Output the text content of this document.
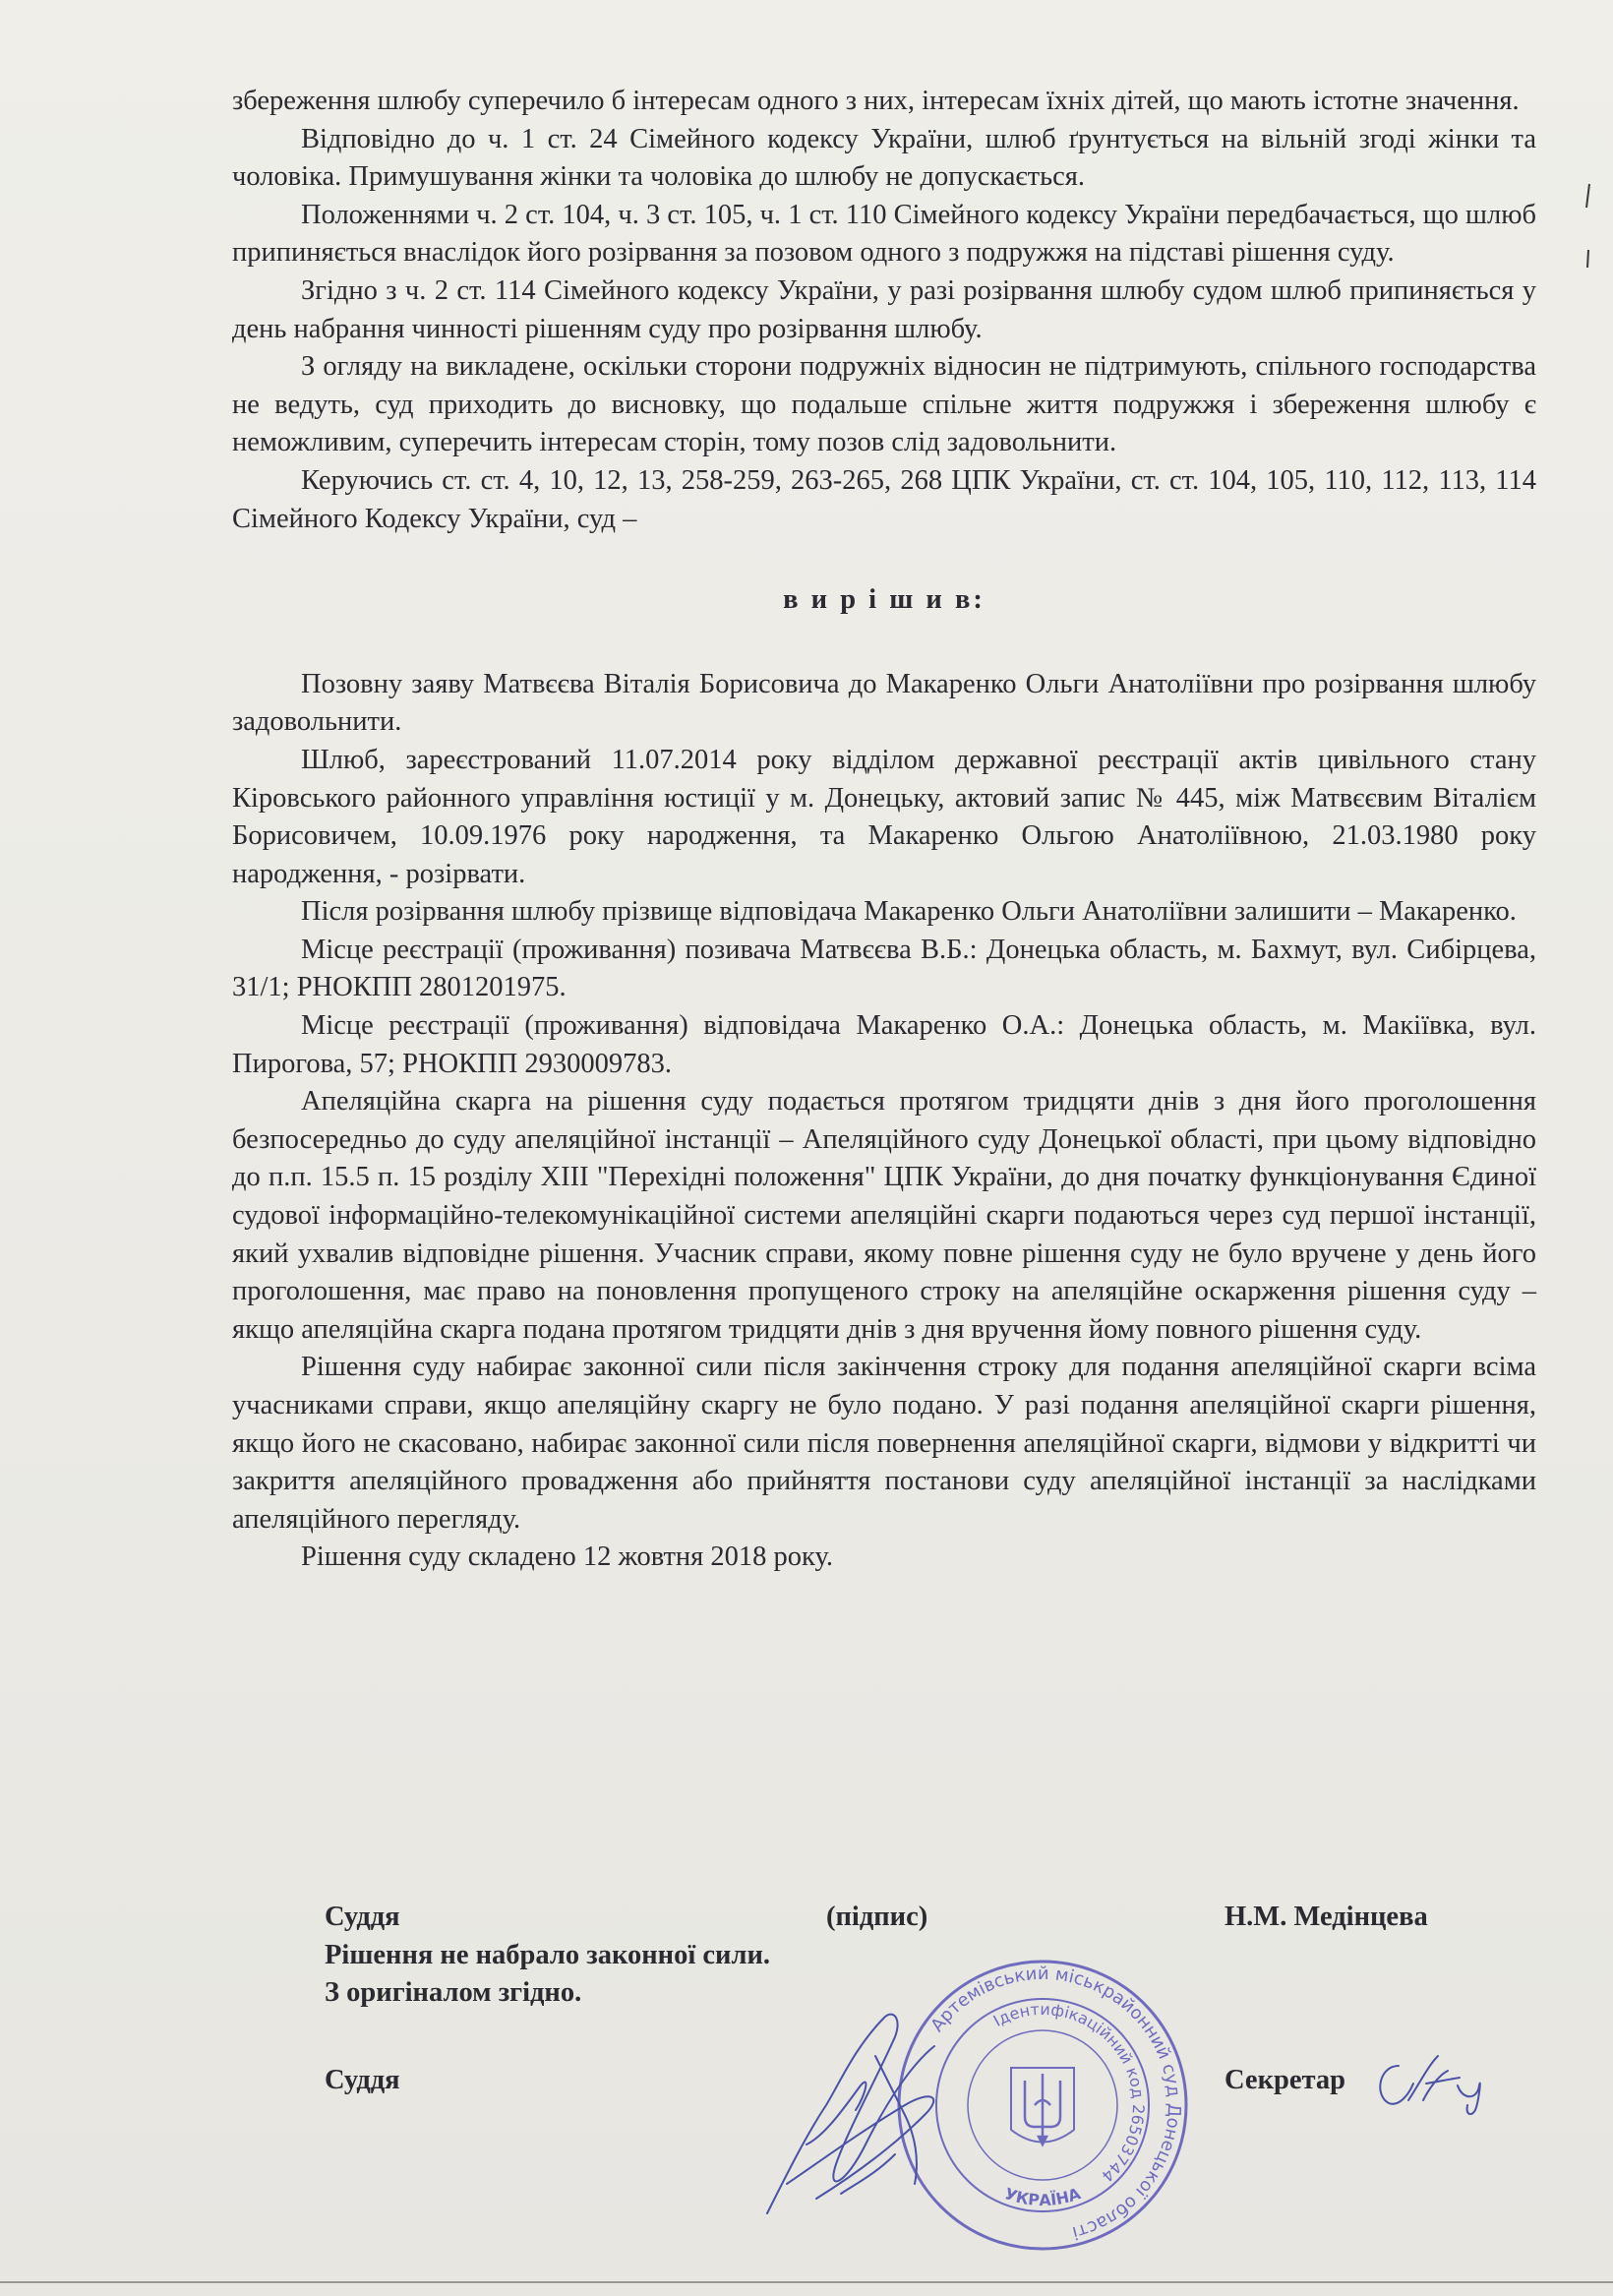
збереження шлюбу суперечило б інтересам одного з них, інтересам їхніх дітей, що мають істотне значення.

Відповідно до ч. 1 ст. 24 Сімейного кодексу України, шлюб ґрунтується на вільній згоді жінки та чоловіка. Примушування жінки та чоловіка до шлюбу не допускається.

Положеннями ч. 2 ст. 104, ч. 3 ст. 105, ч. 1 ст. 110 Сімейного кодексу України передбачається, що шлюб припиняється внаслідок його розірвання за позовом одного з подружжя на підставі рішення суду.

Згідно з ч. 2 ст. 114 Сімейного кодексу України, у разі розірвання шлюбу судом шлюб припиняється у день набрання чинності рішенням суду про розірвання шлюбу.

З огляду на викладене, оскільки сторони подружніх відносин не підтримують, спільного господарства не ведуть, суд приходить до висновку, що подальше спільне життя подружжя і збереження шлюбу є неможливим, суперечить інтересам сторін, тому позов слід задовольнити.

Керуючись ст. ст. 4, 10, 12, 13, 258-259, 263-265, 268 ЦПК України, ст. ст. 104, 105, 110, 112, 113, 114 Сімейного Кодексу України, суд –

в и р і ш и в:

Позовну заяву Матвєєва Віталія Борисовича до Макаренко Ольги Анатоліївни про розірвання шлюбу задовольнити.

Шлюб, зареєстрований 11.07.2014 року відділом державної реєстрації актів цивільного стану Кіровського районного управління юстиції у м. Донецьку, актовий запис № 445, між Матвєєвим Віталієм Борисовичем, 10.09.1976 року народження, та Макаренко Ольгою Анатоліївною, 21.03.1980 року народження, - розірвати.

Після розірвання шлюбу прізвище відповідача Макаренко Ольги Анатоліївни залишити – Макаренко.

Місце реєстрації (проживання) позивача Матвєєва В.Б.: Донецька область, м. Бахмут, вул. Сибірцева, 31/1; РНОКПП 2801201975.

Місце реєстрації (проживання) відповідача Макаренко О.А.: Донецька область, м. Макіївка, вул. Пирогова, 57; РНОКПП 2930009783.

Апеляційна скарга на рішення суду подається протягом тридцяти днів з дня його проголошення безпосередньо до суду апеляційної інстанції – Апеляційного суду Донецької області, при цьому відповідно до п.п. 15.5 п. 15 розділу XIII "Перехідні положення" ЦПК України, до дня початку функціонування Єдиної судової інформаційно-телекомунікаційної системи апеляційні скарги подаються через суд першої інстанції, який ухвалив відповідне рішення. Учасник справи, якому повне рішення суду не було вручене у день його проголошення, має право на поновлення пропущеного строку на апеляційне оскарження рішення суду – якщо апеляційна скарга подана протягом тридцяти днів з дня вручення йому повного рішення суду.

Рішення суду набирає законної сили після закінчення строку для подання апеляційної скарги всіма учасниками справи, якщо апеляційну скаргу не було подано. У разі подання апеляційної скарги рішення, якщо його не скасовано, набирає законної сили після повернення апеляційної скарги, відмови у відкритті чи закриття апеляційного провадження або прийняття постанови суду апеляційної інстанції за наслідками апеляційного перегляду.

Рішення суду складено 12 жовтня 2018 року.

Суддя	(підпис)	Н.М. Медінцева
Рішення не набрало законної сили.
З оригіналом згідно.
Суддя	Секретар
Артемівський міськрайонний суд Донецької області
Ідентифікаційний код 26503744
УКРАЇНА
